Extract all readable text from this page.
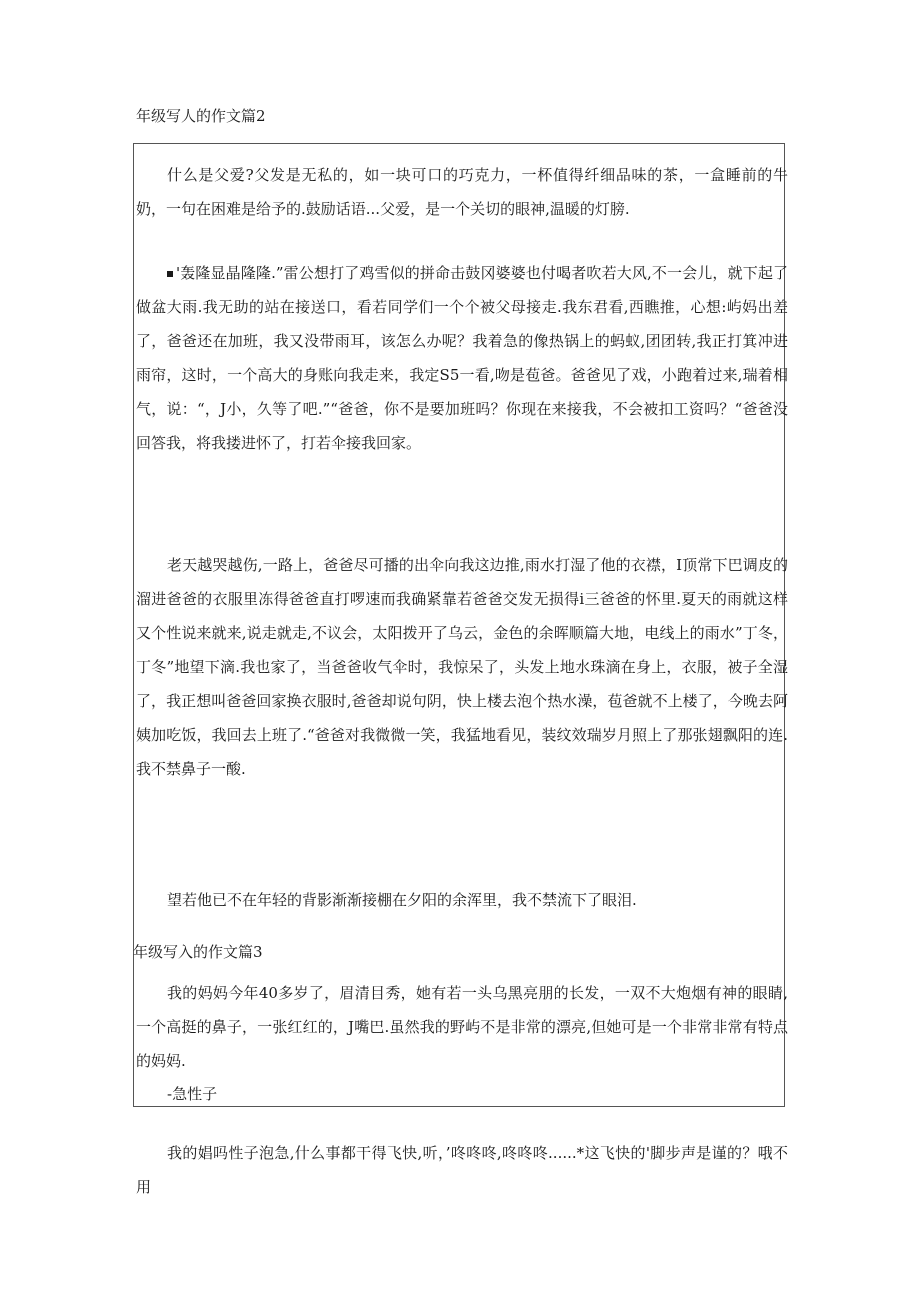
年级写人的作文篇2
什么是父爱?父发是无私的，如一块可口的巧克力，一杯值得纤细品味的茶，一盒睡前的牛奶，一句在困难是给予的.鼓励话语...父爱，是一个关切的眼神,温暖的灯膀.
'轰隆显晶隆隆.”雷公想打了鸡雪似的拼命击鼓冈婆婆也付喝者吹若大风,不一会儿，就下起了做盆大雨.我无助的站在接送口，看若同学们一个个被父母接走.我东君看,西瞧推，心想:屿妈出差了，爸爸还在加班，我又没带雨耳，该怎么办呢？我着急的像热锅上的蚂蚁,团团转,我正打箕冲进雨帘，这时，一个高大的身账向我走来，我定S5一看,吻是苞爸。爸爸见了戏，小跑着过来,瑞着相气，说：“，J小，久等了吧.”“爸爸，你不是要加班吗？你现在来接我，不会被扣工资吗？“爸爸没回答我，将我搂进怀了，打若伞接我回家。
老天越哭越伤,一路上，爸爸尽可播的出伞向我这边推,雨水打湿了他的衣襟，I顶常下巴调皮的溜进爸爸的衣服里冻得爸爸直打啰速而我确紧靠若爸爸交发无损得i三爸爸的怀里.夏天的雨就这样又个性说来就来,说走就走,不议会，太阳拨开了乌云，金色的余晖顺篇大地，电线上的雨水”丁冬，丁冬”地望下滴.我也家了，当爸爸收气伞时，我惊呆了，头发上地水珠滴在身上，衣服，被子全湿了，我正想叫爸爸回家换衣服时,爸爸却说句阴，快上楼去泡个热水澡，苞爸就不上楼了，今晚去阿姨加吃饭，我回去上班了.“爸爸对我微微一笑，我猛地看见，装纹效瑞岁月照上了那张翅飘阳的连.我不禁鼻子一酸.
望若他已不在年轻的背影渐渐接棚在夕阳的余浑里，我不禁流下了眼泪.
年级写入的作文篇3
我的妈妈今年40多岁了，眉清目秀，她有若一头乌黑亮朋的长发，一双不大炮烟有神的眼睛,一个高挺的鼻子，一张红红的，J嘴巴.虽然我的野屿不是非常的漂亮,但她可是一个非常非常有特点的妈妈.
-急性子
我的娼吗性子泡急,什么事都干得飞快,听，’咚咚咚,咚咚咚......*这飞快的'脚步声是谨的？哦不用
